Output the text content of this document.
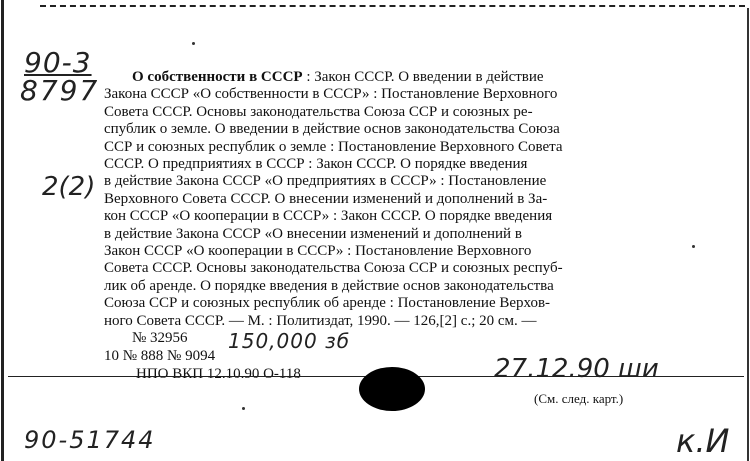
90-3
8797
2(2)
О собственности в СССР : Закон СССР. О введении в действие
Закона СССР «О собственности в СССР» : Постановление Верховного
Совета СССР. Основы законодательства Союза ССР и союзных ре-
спублик о земле. О введении в действие основ законодательства Союза
ССР и союзных республик о земле : Постановление Верховного Совета
СССР. О предприятиях в СССР : Закон СССР. О порядке введения
в действие Закона СССР «О предприятиях в СССР» : Постановление
Верховного Совета СССР. О внесении изменений и дополнений в За-
кон СССР «О кооперации в СССР» : Закон СССР. О порядке введения
в действие Закона СССР «О внесении изменений и дополнений в
Закон СССР «О кооперации в СССР» : Постановление Верховного
Совета СССР. Основы законодательства Союза ССР и союзных респуб-
лик об аренде. О порядке введения в действие основ законодательства
Союза ССР и союзных республик об аренде : Постановление Верхов-
ного Совета СССР. — М. : Политиздат, 1990. — 126,[2] с.; 20 см. —
№ 32956
10 № 888 № 9094
НПО ВКП 12.10.90 О-118
150,000 зб
27.12.90 ши
(См. след. карт.)
90-51744	к.И
